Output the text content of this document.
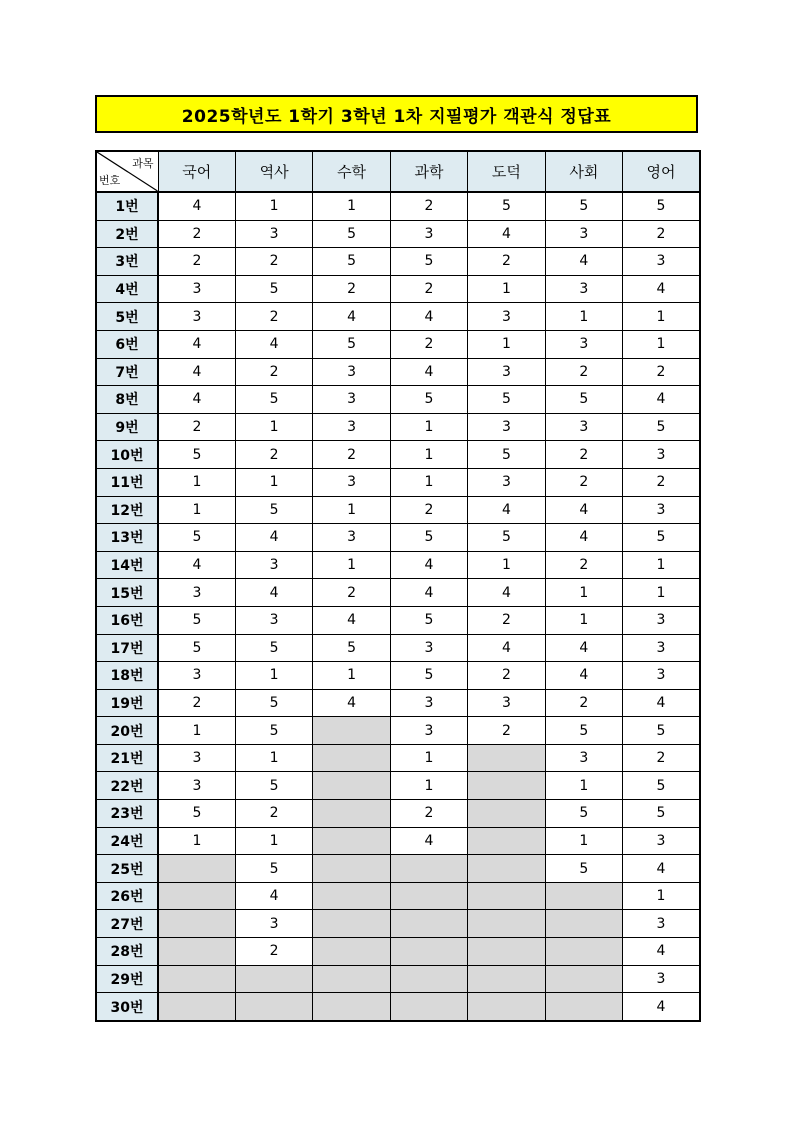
2025학년도 1학기 3학년 1차 지필평가 객관식 정답표
과목
번호	국어	역사	수학	과학	도덕	사회	영어
1번	4	1	1	2	5	5	5
2번	2	3	5	3	4	3	2
3번	2	2	5	5	2	4	3
4번	3	5	2	2	1	3	4
5번	3	2	4	4	3	1	1
6번	4	4	5	2	1	3	1
7번	4	2	3	4	3	2	2
8번	4	5	3	5	5	5	4
9번	2	1	3	1	3	3	5
10번	5	2	2	1	5	2	3
11번	1	1	3	1	3	2	2
12번	1	5	1	2	4	4	3
13번	5	4	3	5	5	4	5
14번	4	3	1	4	1	2	1
15번	3	4	2	4	4	1	1
16번	5	3	4	5	2	1	3
17번	5	5	5	3	4	4	3
18번	3	1	1	5	2	4	3
19번	2	5	4	3	3	2	4
20번	1	5		3	2	5	5
21번	3	1		1		3	2
22번	3	5		1		1	5
23번	5	2		2		5	5
24번	1	1		4		1	3
25번		5				5	4
26번		4					1
27번		3					3
28번		2					4
29번							3
30번							4
